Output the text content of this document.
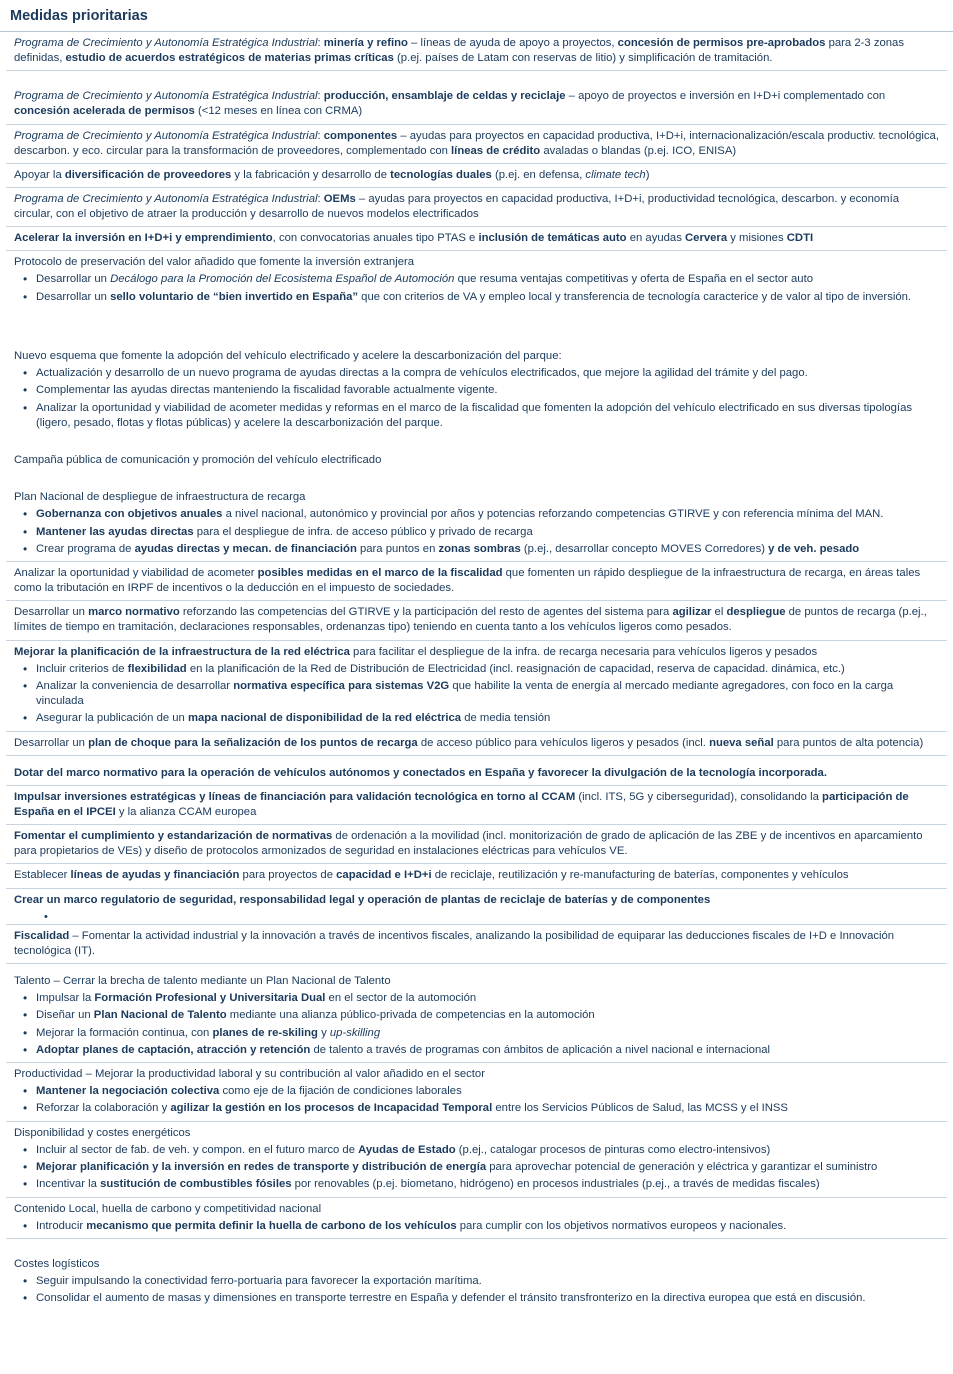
Medidas prioritarias

Programa de Crecimiento y Autonomía Estratégica Industrial: minería y refino – líneas de ayuda de apoyo a proyectos, concesión de permisos pre-aprobados para 2-3 zonas definidas, estudio de acuerdos estratégicos de materias primas críticas (p.ej. países de Latam con reservas de litio) y simplificación de tramitación.

Programa de Crecimiento y Autonomía Estratégica Industrial: producción, ensamblaje de celdas y reciclaje – apoyo de proyectos e inversión en I+D+i complementado con concesión acelerada de permisos (<12 meses en línea con CRMA)

Programa de Crecimiento y Autonomía Estratégica Industrial: componentes – ayudas para proyectos en capacidad productiva, I+D+i, internacionalización/escala productiv. tecnológica, descarbon. y eco. circular para la transformación de proveedores, complementado con líneas de crédito avaladas o blandas (p.ej. ICO, ENISA)

Apoyar la diversificación de proveedores y la fabricación y desarrollo de tecnologías duales (p.ej. en defensa, climate tech)

Programa de Crecimiento y Autonomía Estratégica Industrial: OEMs – ayudas para proyectos en capacidad productiva, I+D+i, productividad tecnológica, descarbon. y economía circular, con el objetivo de atraer la producción y desarrollo de nuevos modelos electrificados

Acelerar la inversión en I+D+i y emprendimiento, con convocatorias anuales tipo PTAS e inclusión de temáticas auto en ayudas Cervera y misiones CDTI

Protocolo de preservación del valor añadido que fomente la inversión extranjera

• Desarrollar un Decálogo para la Promoción del Ecosistema Español de Automoción que resuma ventajas competitivas y oferta de España en el sector auto
• Desarrollar un sello voluntario de “bien invertido en España” que con criterios de VA y empleo local y transferencia de tecnología caracterice y de valor al tipo de inversión.

Nuevo esquema que fomente la adopción del vehículo electrificado y acelere la descarbonización del parque:

• Actualización y desarrollo de un nuevo programa de ayudas directas a la compra de vehículos electrificados, que mejore la agilidad del trámite y del pago.
• Complementar las ayudas directas manteniendo la fiscalidad favorable actualmente vigente.
• Analizar la oportunidad y viabilidad de acometer medidas y reformas en el marco de la fiscalidad que fomenten la adopción del vehículo electrificado en sus diversas tipologías (ligero, pesado, flotas y flotas públicas) y acelere la descarbonización del parque.

Campaña pública de comunicación y promoción del vehículo electrificado

Plan Nacional de despliegue de infraestructura de recarga

• Gobernanza con objetivos anuales a nivel nacional, autonómico y provincial por años y potencias reforzando competencias GTIRVE y con referencia mínima del MAN.
• Mantener las ayudas directas para el despliegue de infra. de acceso público y privado de recarga
• Crear programa de ayudas directas y mecan. de financiación para puntos en zonas sombras (p.ej., desarrollar concepto MOVES Corredores) y de veh. pesado

Analizar la oportunidad y viabilidad de acometer posibles medidas en el marco de la fiscalidad que fomenten un rápido despliegue de la infraestructura de recarga, en áreas tales como la tributación en IRPF de incentivos o la deducción en el impuesto de sociedades.

Desarrollar un marco normativo reforzando las competencias del GTIRVE y la participación del resto de agentes del sistema para agilizar el despliegue de puntos de recarga (p.ej., límites de tiempo en tramitación, declaraciones responsables, ordenanzas tipo) teniendo en cuenta tanto a los vehículos ligeros como pesados.

Mejorar la planificación de la infraestructura de la red eléctrica para facilitar el despliegue de la infra. de recarga necesaria para vehículos ligeros y pesados

• Incluir criterios de flexibilidad en la planificación de la Red de Distribución de Electricidad (incl. reasignación de capacidad, reserva de capacidad. dinámica, etc.)
• Analizar la conveniencia de desarrollar normativa específica para sistemas V2G que habilite la venta de energía al mercado mediante agregadores, con foco en la carga vinculada
• Asegurar la publicación de un mapa nacional de disponibilidad de la red eléctrica de media tensión

Desarrollar un plan de choque para la señalización de los puntos de recarga de acceso público para vehículos ligeros y pesados (incl. nueva señal para puntos de alta potencia)

Dotar del marco normativo para la operación de vehículos autónomos y conectados en España y favorecer la divulgación de la tecnología incorporada.

Impulsar inversiones estratégicas y líneas de financiación para validación tecnológica en torno al CCAM (incl. ITS, 5G y ciberseguridad), consolidando la participación de España en el IPCEI y la alianza CCAM europea

Fomentar el cumplimiento y estandarización de normativas de ordenación a la movilidad (incl. monitorización de grado de aplicación de las ZBE y de incentivos en aparcamiento para propietarios de VEs) y diseño de protocolos armonizados de seguridad en instalaciones eléctricas para vehículos VE.

Establecer líneas de ayudas y financiación para proyectos de capacidad e I+D+i de reciclaje, reutilización y re-manufacturing de baterías, componentes y vehículos

Crear un marco regulatorio de seguridad, responsabilidad legal y operación de plantas de reciclaje de baterías y de componentes

•

Fiscalidad – Fomentar la actividad industrial y la innovación a través de incentivos fiscales, analizando la posibilidad de equiparar las deducciones fiscales de I+D e Innovación tecnológica (IT).

Talento – Cerrar la brecha de talento mediante un Plan Nacional de Talento

• Impulsar la Formación Profesional y Universitaria Dual en el sector de la automoción
• Diseñar un Plan Nacional de Talento mediante una alianza público-privada de competencias en la automoción
• Mejorar la formación continua, con planes de re-skiling y up-skilling
• Adoptar planes de captación, atracción y retención de talento a través de programas con ámbitos de aplicación a nivel nacional e internacional

Productividad – Mejorar la productividad laboral y su contribución al valor añadido en el sector

• Mantener la negociación colectiva como eje de la fijación de condiciones laborales
• Reforzar la colaboración y agilizar la gestión en los procesos de Incapacidad Temporal entre los Servicios Públicos de Salud, las MCSS y el INSS

Disponibilidad y costes energéticos

• Incluir al sector de fab. de veh. y compon. en el futuro marco de Ayudas de Estado (p.ej., catalogar procesos de pinturas como electro-intensivos)
• Mejorar planificación y la inversión en redes de transporte y distribución de energía para aprovechar potencial de generación y eléctrica y garantizar el suministro
• Incentivar la sustitución de combustibles fósiles por renovables (p.ej. biometano, hidrógeno) en procesos industriales (p.ej., a través de medidas fiscales)

Contenido Local, huella de carbono y competitividad nacional

• Introducir mecanismo que permita definir la huella de carbono de los vehículos para cumplir con los objetivos normativos europeos y nacionales.

Costes logísticos

• Seguir impulsando la conectividad ferro-portuaria para favorecer la exportación marítima.
• Consolidar el aumento de masas y dimensiones en transporte terrestre en España y defender el tránsito transfronterizo en la directiva europea que está en discusión.
